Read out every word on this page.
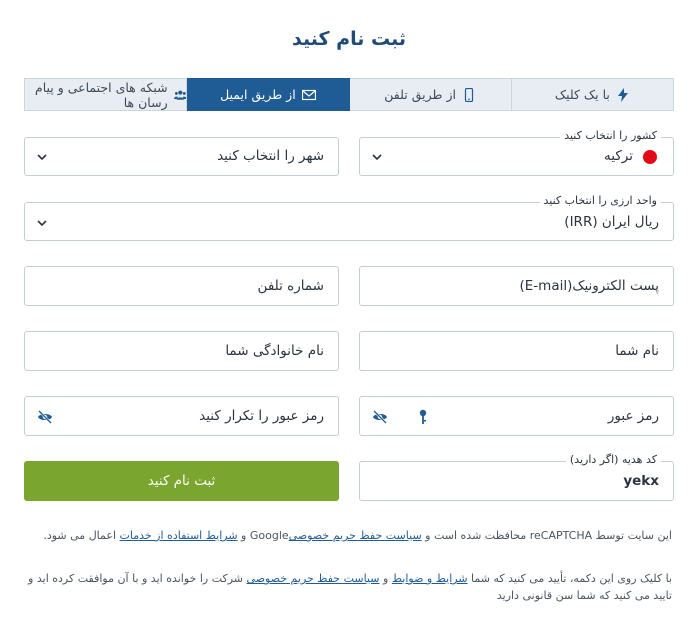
ثبت نام کنید
با یک کلیک
از طریق تلفن
از طریق ایمیل
شبکه های اجتماعی و پیام رسان ها
کشور را انتخاب کنید
ترکیه
شهر را انتخاب کنید
واحد ارزی را انتخاب کنید
ریال ایران (IRR)
پست الکترونیک(E-mail)
شماره تلفن
نام شما
نام خانوادگی شما
رمز عبور
رمز عبور را تکرار کنید
کد هدیه (اگر دارید)
yekx
ثبت نام کنید
این سایت توسط reCAPTCHA محافظت شده است و سیاست حفظ حریم خصوصیGoogle و شرایط استفاده از خدمات اعمال می شود.
با کلیک روی این دکمه، تأیید می کنید که شما شرایط و ضوابط و سیاست حفظ حریم خصوصی شرکت را خوانده اید و با آن موافقت کرده اید و تایید می کنید که شما سن قانونی دارید
